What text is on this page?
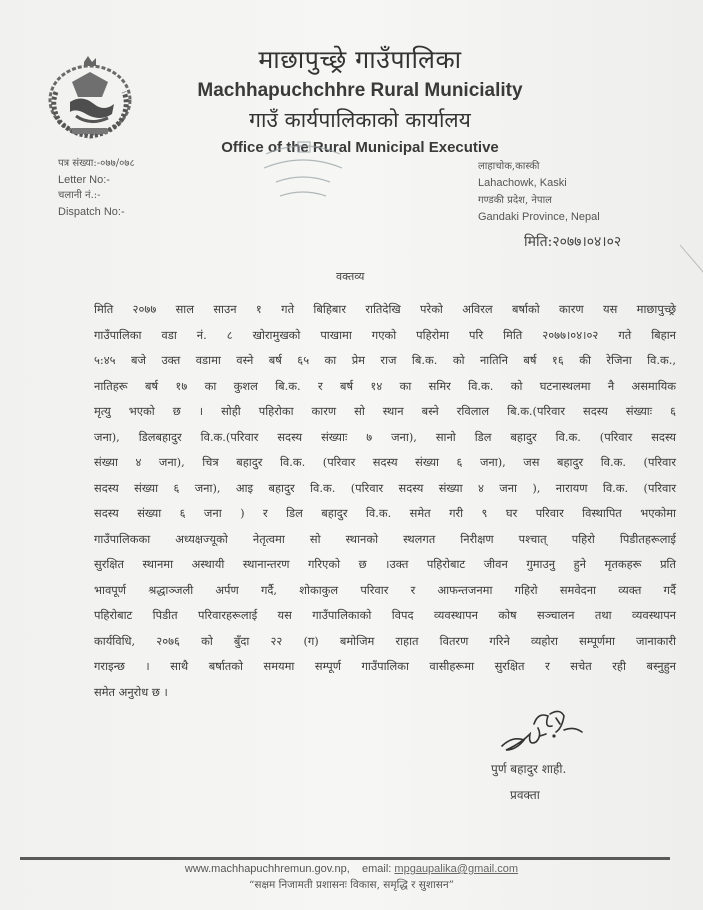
माछापुच्छ्रे गाउँपालिका
Machhapuchchhre Rural Municiality
गाउँ कार्यपालिकाको कार्यालय
Office of the Rural Municipal Executive
पत्र संख्या:-०७७/०७८
Letter No:-
चलानी नं.:-
Dispatch No:-
लाहाचोक,कास्की
Lahachowk, Kaski
गण्डकी प्रदेश, नेपाल
Gandaki Province, Nepal
मिति:२०७७।०४।०२
वक्तव्य
मिति २०७७ साल साउन १ गते बिहिबार रातिदेखि परेको अविरल बर्षाको कारण यस माछापुच्छ्रे
गाउँपालिका वडा नं. ८ खोरामुखको पाखामा गएको पहिरोमा परि मिति २०७७।०४।०२ गते बिहान
५:४५ बजे उक्त वडामा वस्ने बर्ष ६५ का प्रेम राज बि.क. को नातिनि बर्ष १६ की रेजिना वि.क.,
नातिहरू बर्ष १७ का कुशल बि.क. र बर्ष १४ का समिर वि.क. को घटनास्थलमा नै असमायिक
मृत्यु भएको छ । सोही पहिरोका कारण सो स्थान बस्ने रविलाल बि.क.(परिवार सदस्य संख्याः ६
जना), डिलबहादुर वि.क.(परिवार सदस्य संख्याः ७ जना), सानो डिल बहादुर वि.क. (परिवार सदस्य
संख्या ४ जना), चित्र बहादुर वि.क. (परिवार सदस्य संख्या ६ जना), जस बहादुर वि.क. (परिवार
सदस्य संख्या ६ जना), आइ बहादुर वि.क. (परिवार सदस्य संख्या ४ जना ), नारायण वि.क. (परिवार
सदस्य संख्या ६ जना ) र डिल बहादुर वि.क. समेत गरी ९ घर परिवार विस्थापित भएकोमा
गाउँपालिकका अध्यक्षज्यूको नेतृत्वमा सो स्थानको स्थलगत निरीक्षण पश्चात् पहिरो पिडीतहरूलाई
सुरक्षित स्थानमा अस्थायी स्थानान्तरण गरिएको छ ।उक्त पहिरोबाट जीवन गुमाउनु हुने मृतकहरू प्रति
भावपूर्ण श्रद्धाञ्जली अर्पण गर्दै, शोकाकुल परिवार र आफन्तजनमा गहिरो समवेदना व्यक्त गर्दै
पहिरोबाट पिडीत परिवारहरूलाई यस गाउँपालिकाको विपद व्यवस्थापन कोष सञ्चालन तथा व्यवस्थापन
कार्यविधि, २०७६ को बुँदा २२ (ग) बमोजिम राहात वितरण गरिने व्यहोरा सम्पूर्णमा जानाकारी
गराइन्छ । साथै बर्षातको समयमा सम्पूर्ण गाउँपालिका वासीहरूमा सुरक्षित र सचेत रही बस्नुहुन
समेत अनुरोध छ ।
पुर्ण बहादुर शाही.
प्रवक्ता
www.machhapuchhremun.gov.np, email: mpgaupalika@gmail.com
“सक्षम निजामती प्रशासनः विकास, समृद्धि र सुशासन”
